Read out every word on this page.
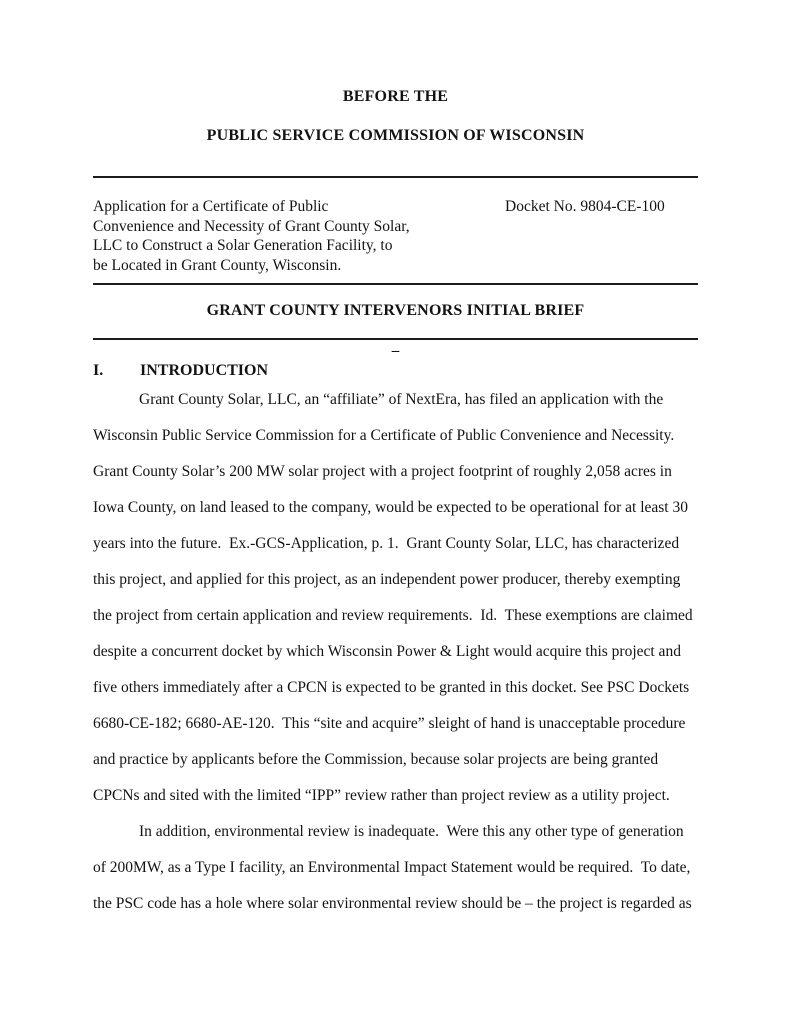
BEFORE THE
PUBLIC SERVICE COMMISSION OF WISCONSIN
Application for a Certificate of Public
Convenience and Necessity of Grant County Solar,
LLC to Construct a Solar Generation Facility, to
be Located in Grant County, Wisconsin.
Docket No. 9804-CE-100
GRANT COUNTY INTERVENORS INITIAL BRIEF
–
I. INTRODUCTION
Grant County Solar, LLC, an “affiliate” of NextEra, has filed an application with the
Wisconsin Public Service Commission for a Certificate of Public Convenience and Necessity.
Grant County Solar’s 200 MW solar project with a project footprint of roughly 2,058 acres in
Iowa County, on land leased to the company, would be expected to be operational for at least 30
years into the future.  Ex.-GCS-Application, p. 1.  Grant County Solar, LLC, has characterized
this project, and applied for this project, as an independent power producer, thereby exempting
the project from certain application and review requirements.  Id.  These exemptions are claimed
despite a concurrent docket by which Wisconsin Power & Light would acquire this project and
five others immediately after a CPCN is expected to be granted in this docket. See PSC Dockets
6680-CE-182; 6680-AE-120.  This “site and acquire” sleight of hand is unacceptable procedure
and practice by applicants before the Commission, because solar projects are being granted
CPCNs and sited with the limited “IPP” review rather than project review as a utility project.
In addition, environmental review is inadequate.  Were this any other type of generation
of 200MW, as a Type I facility, an Environmental Impact Statement would be required.  To date,
the PSC code has a hole where solar environmental review should be – the project is regarded as
